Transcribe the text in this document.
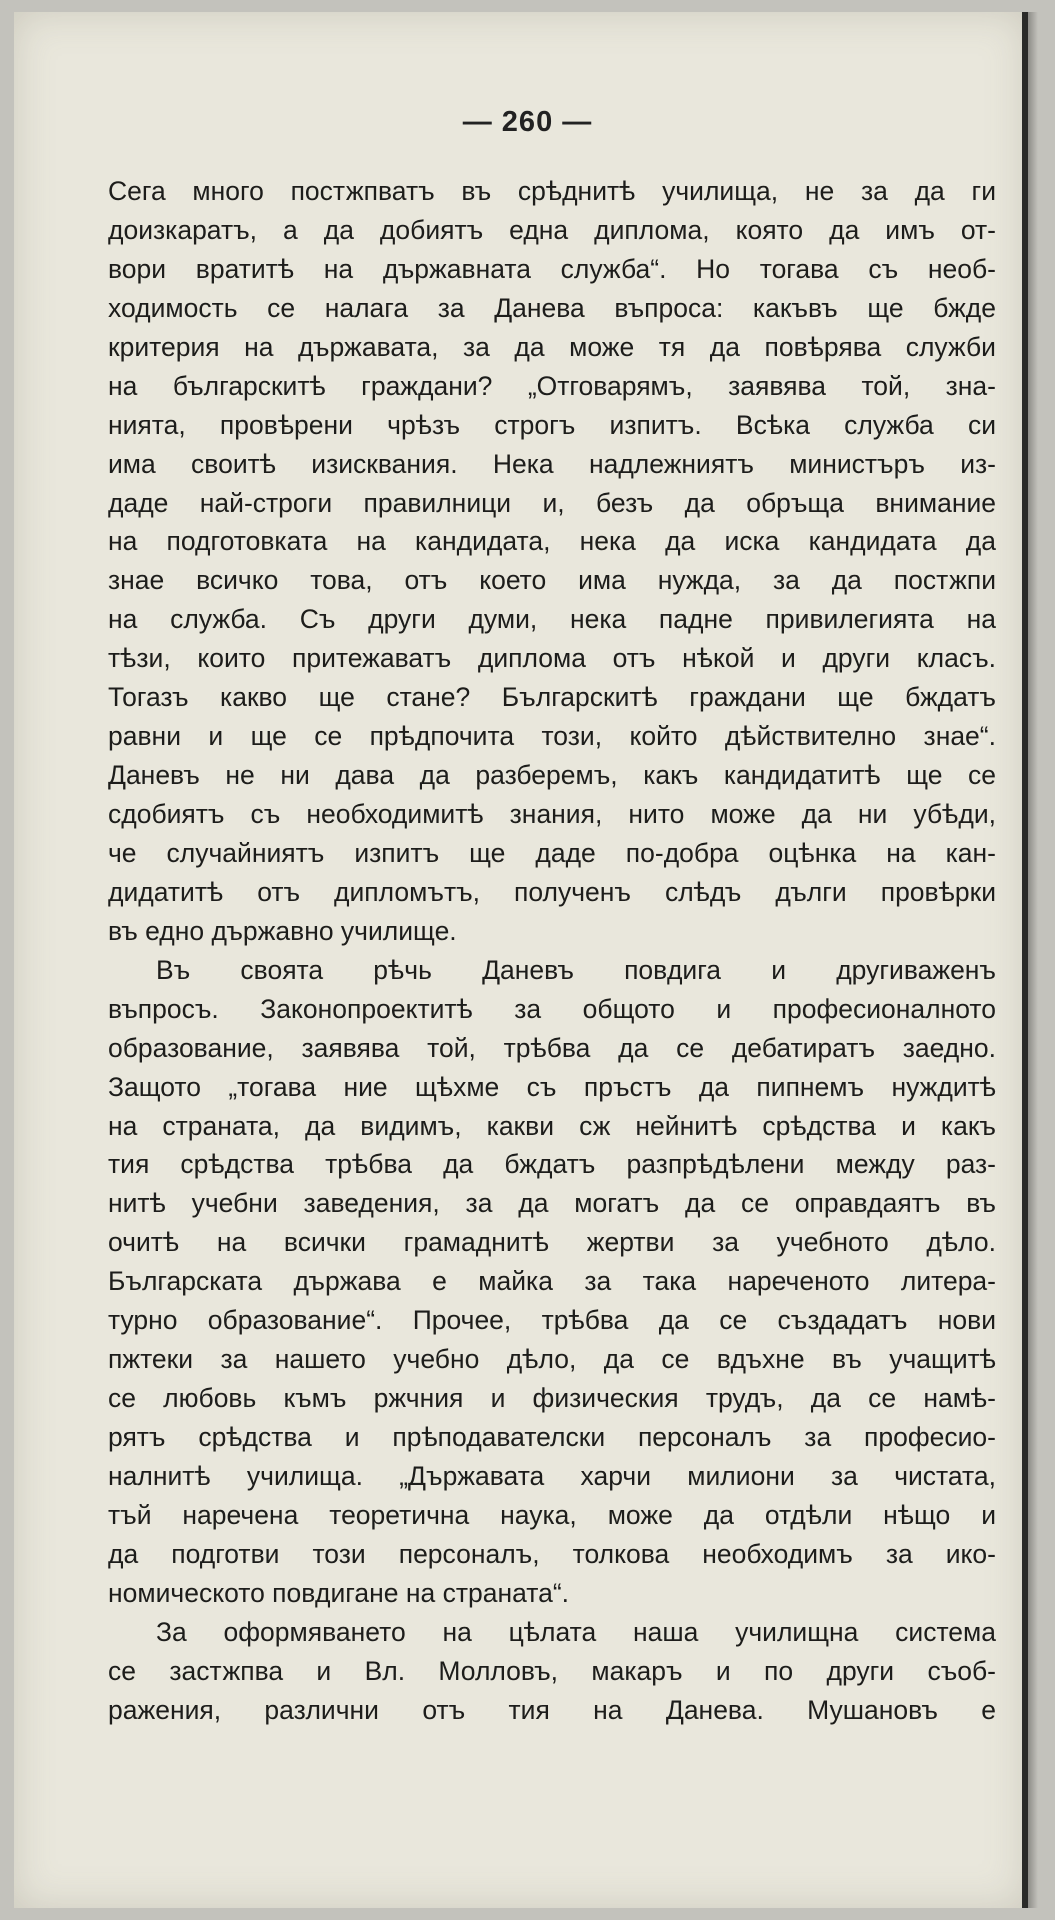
— 260 —
Сега много постжпватъ въ срѣднитѣ училища, не за да ги
доизкаратъ, а да добиятъ една диплома, която да имъ от-
вори вратитѣ на държавната служба“. Но тогава съ необ-
ходимость се налага за Данева въпроса: какъвъ ще бжде
критерия на държавата, за да може тя да повѣрява служби
на българскитѣ граждани? „Отговарямъ, заявява той, зна-
нията, провѣрени чрѣзъ строгъ изпитъ. Всѣка служба си
има своитѣ изисквания. Нека надлежниятъ министъръ из-
даде най-строги правилници и, безъ да обръща внимание
на подготовката на кандидата, нека да иска кандидата да
знае всичко това, отъ което има нужда, за да постжпи
на служба. Съ други думи, нека падне привилегията на
тѣзи, които притежаватъ диплома отъ нѣкой и други класъ.
Тогазъ какво ще стане? Българскитѣ граждани ще бждатъ
равни и ще се прѣдпочита този, който дѣйствително знае“.
Даневъ не ни дава да разберемъ, какъ кандидатитѣ ще се
сдобиятъ съ необходимитѣ знания, нито може да ни убѣди,
че случайниятъ изпитъ ще даде по-добра оцѣнка на кан-
дидатитѣ отъ дипломътъ, полученъ слѣдъ дълги провѣрки
въ едно държавно училище.
Въ своята рѣчь Даневъ повдига и другиваженъ
въпросъ. Законопроектитѣ за общото и професионалното
образование, заявява той, трѣбва да се дебатиратъ заедно.
Защото „тогава ние щѣхме съ пръстъ да пипнемъ нуждитѣ
на страната, да видимъ, какви сж нейнитѣ срѣдства и какъ
тия срѣдства трѣбва да бждатъ разпрѣдѣлени между раз-
нитѣ учебни заведения, за да могатъ да се оправдаятъ въ
очитѣ на всички грамаднитѣ жертви за учебното дѣло.
Българската държава е майка за така нареченото литера-
турно образование“. Прочее, трѣбва да се създадатъ нови
пжтеки за нашето учебно дѣло, да се вдъхне въ учащитѣ
се любовь къмъ ржчния и физическия трудъ, да се намѣ-
рятъ срѣдства и прѣподавателски персоналъ за професио-
налнитѣ училища. „Държавата харчи милиони за чистата,
тъй наречена теоретична наука, може да отдѣли нѣщо и
да подготви този персоналъ, толкова необходимъ за ико-
номическото повдигане на страната“.
За оформяването на цѣлата наша училищна система
се застжпва и Вл. Молловъ, макаръ и по други съоб-
ражения, различни отъ тия на Данева. Мушановъ е
